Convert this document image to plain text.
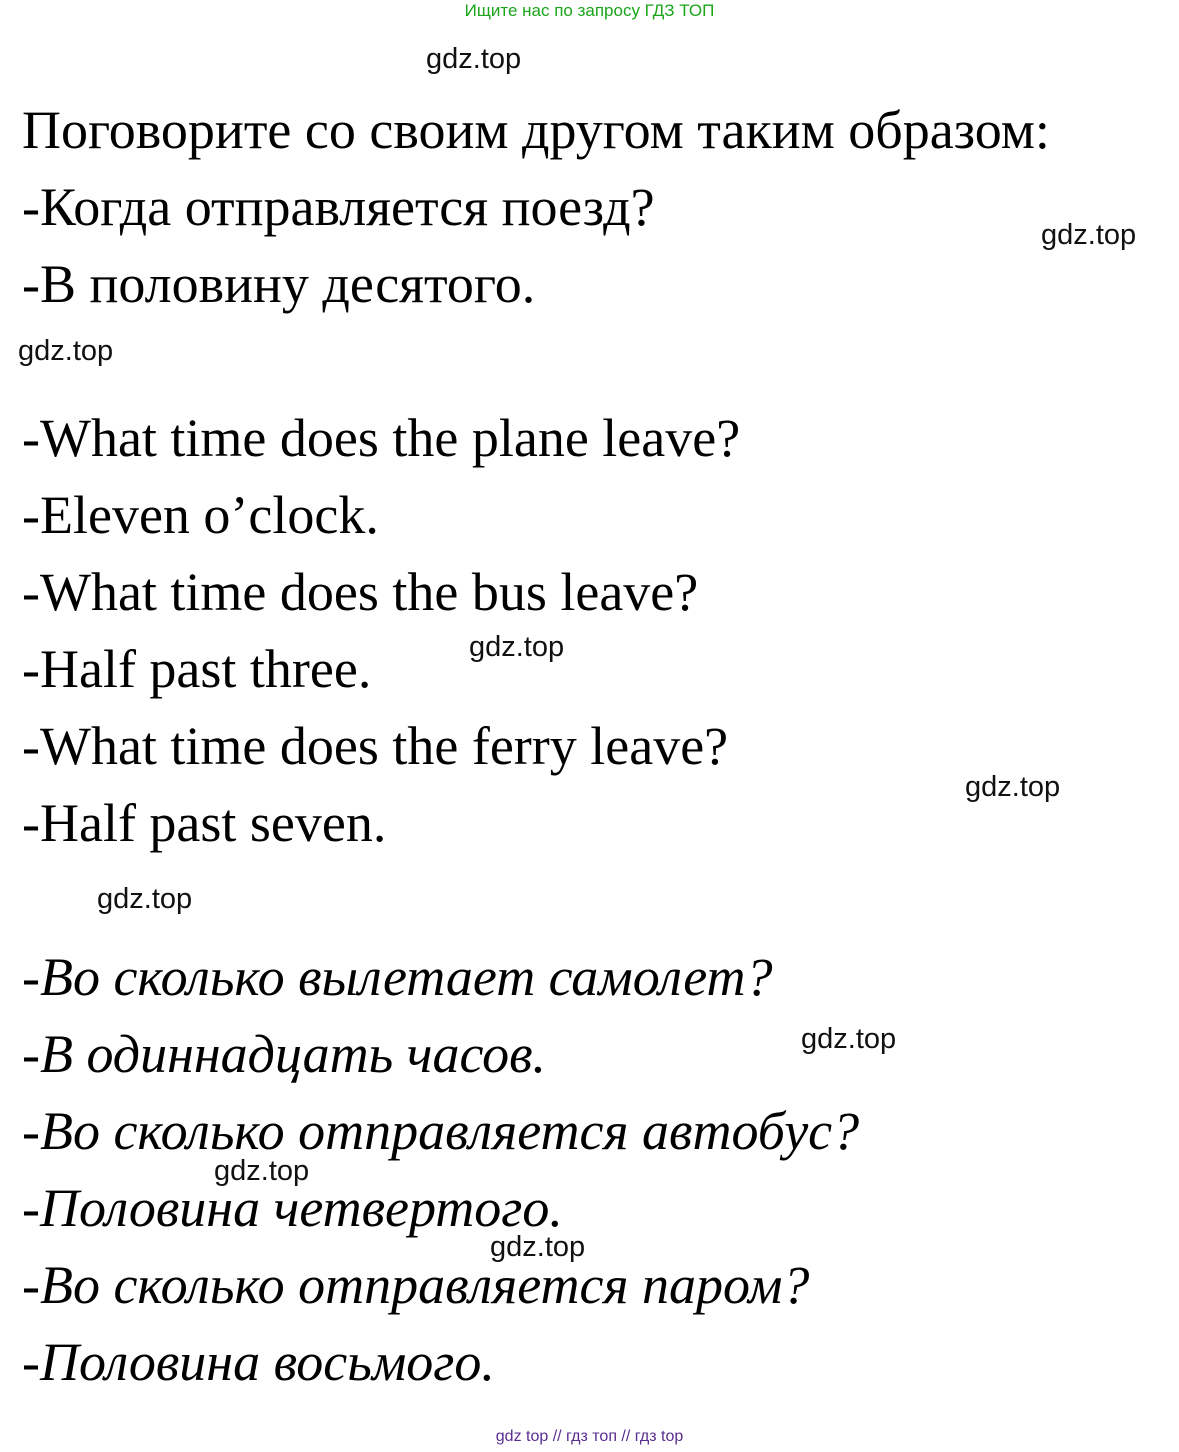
Ищите нас по запросу ГДЗ ТОП
gdz.top
Поговорите со своим другом таким образом:
-Когда отправляется поезд?	gdz.top
-В половину десятого.
gdz.top
-What time does the plane leave?
-Eleven o’clock.
-What time does the bus leave?
gdz.top
-Half past three.
-What time does the ferry leave?
gdz.top
-Half past seven.
gdz.top
-Во сколько вылетает самолет?
gdz.top
-В одиннадцать часов.
-Во сколько отправляется автобус?
gdz.top
-Половина четвертого.
gdz.top
-Во сколько отправляется паром?
-Половина восьмого.
gdz top // гдз топ // гдз top
